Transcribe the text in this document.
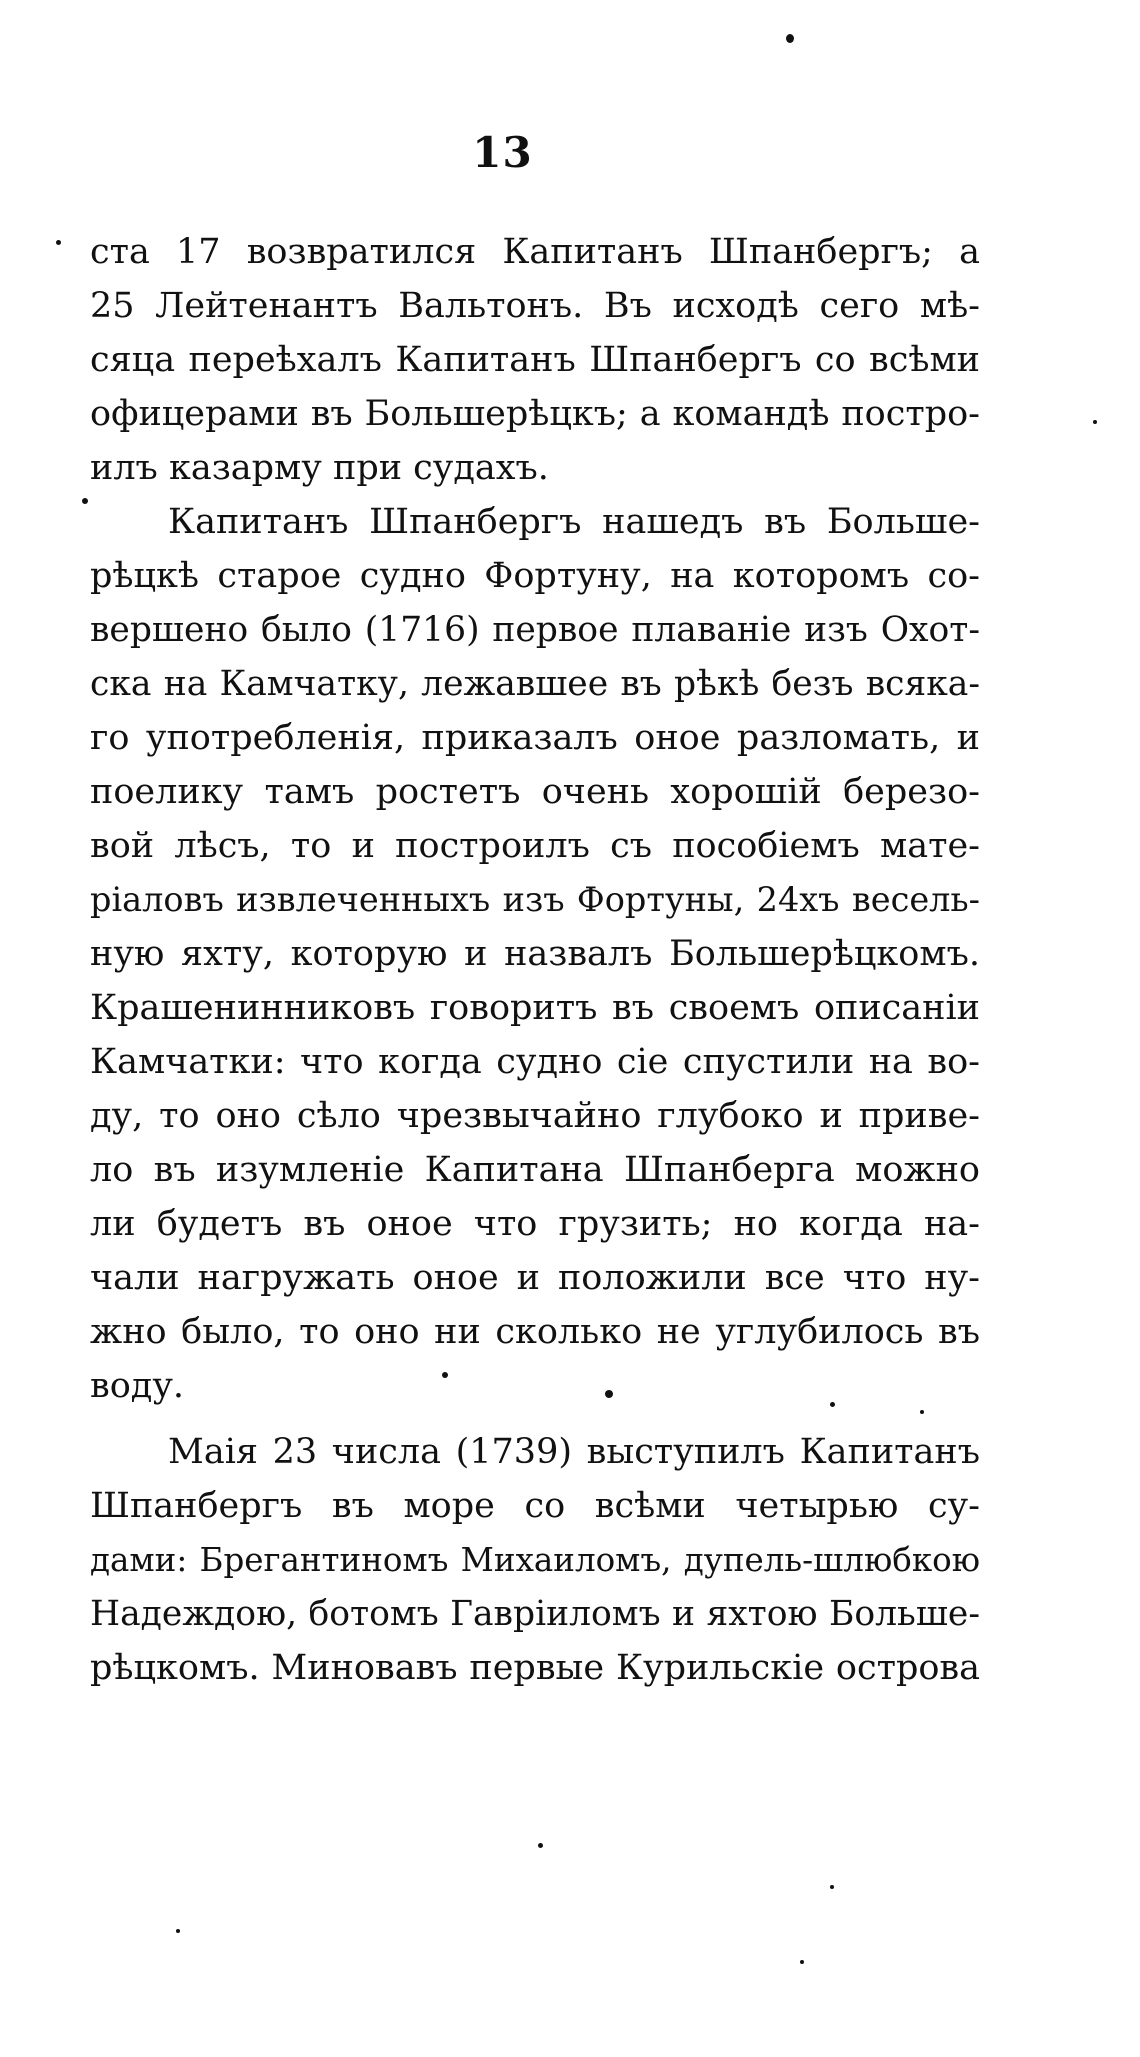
13
ста 17 возвратился Капитанъ Шпанбергъ; а
25 Лейтенантъ Вальтонъ. Въ исходѣ сего мѣ-
сяца переѣхалъ Капитанъ Шпанбергъ со всѣми
офицерами въ Большерѣцкъ; а командѣ постро-
илъ казарму при судахъ.
Капитанъ Шпанбергъ нашедъ въ Большe-
рѣцкѣ старое судно Фортуну, на которомъ со-
вершено было (1716) первое плаваніе изъ Охот-
ска на Камчатку, лежавшее въ рѣкѣ безъ всяка-
го употребленія, приказалъ оное разломать, и
поелику тамъ ростетъ очень хорошій березо-
вой лѣсъ, то и построилъ съ пособіемъ мате-
ріаловъ извлеченныхъ изъ Фортуны, 24хъ весель-
ную яхту, которую и назвалъ Большерѣцкомъ.
Крашенинниковъ говоритъ въ своемъ описаніи
Камчатки: что когда судно сіе спустили на во-
ду, то оно сѣло чрезвычайно глубоко и приве-
ло въ изумленіе Капитана Шпанберга можно
ли будетъ въ оное что грузить; но когда на-
чали нагружать оное и положили все что ну-
жно было, то оно ни сколько не углубилось въ
воду.
Маія 23 числа (1739) выступилъ Капитанъ
Шпанбергъ въ море со всѣми четырью су-
дами: Брегантиномъ Михаиломъ, дупель-шлюбкою
Надеждою, ботомъ Гавріиломъ и яхтою Больше-
рѣцкомъ. Миновавъ первые Курильскіе острова
